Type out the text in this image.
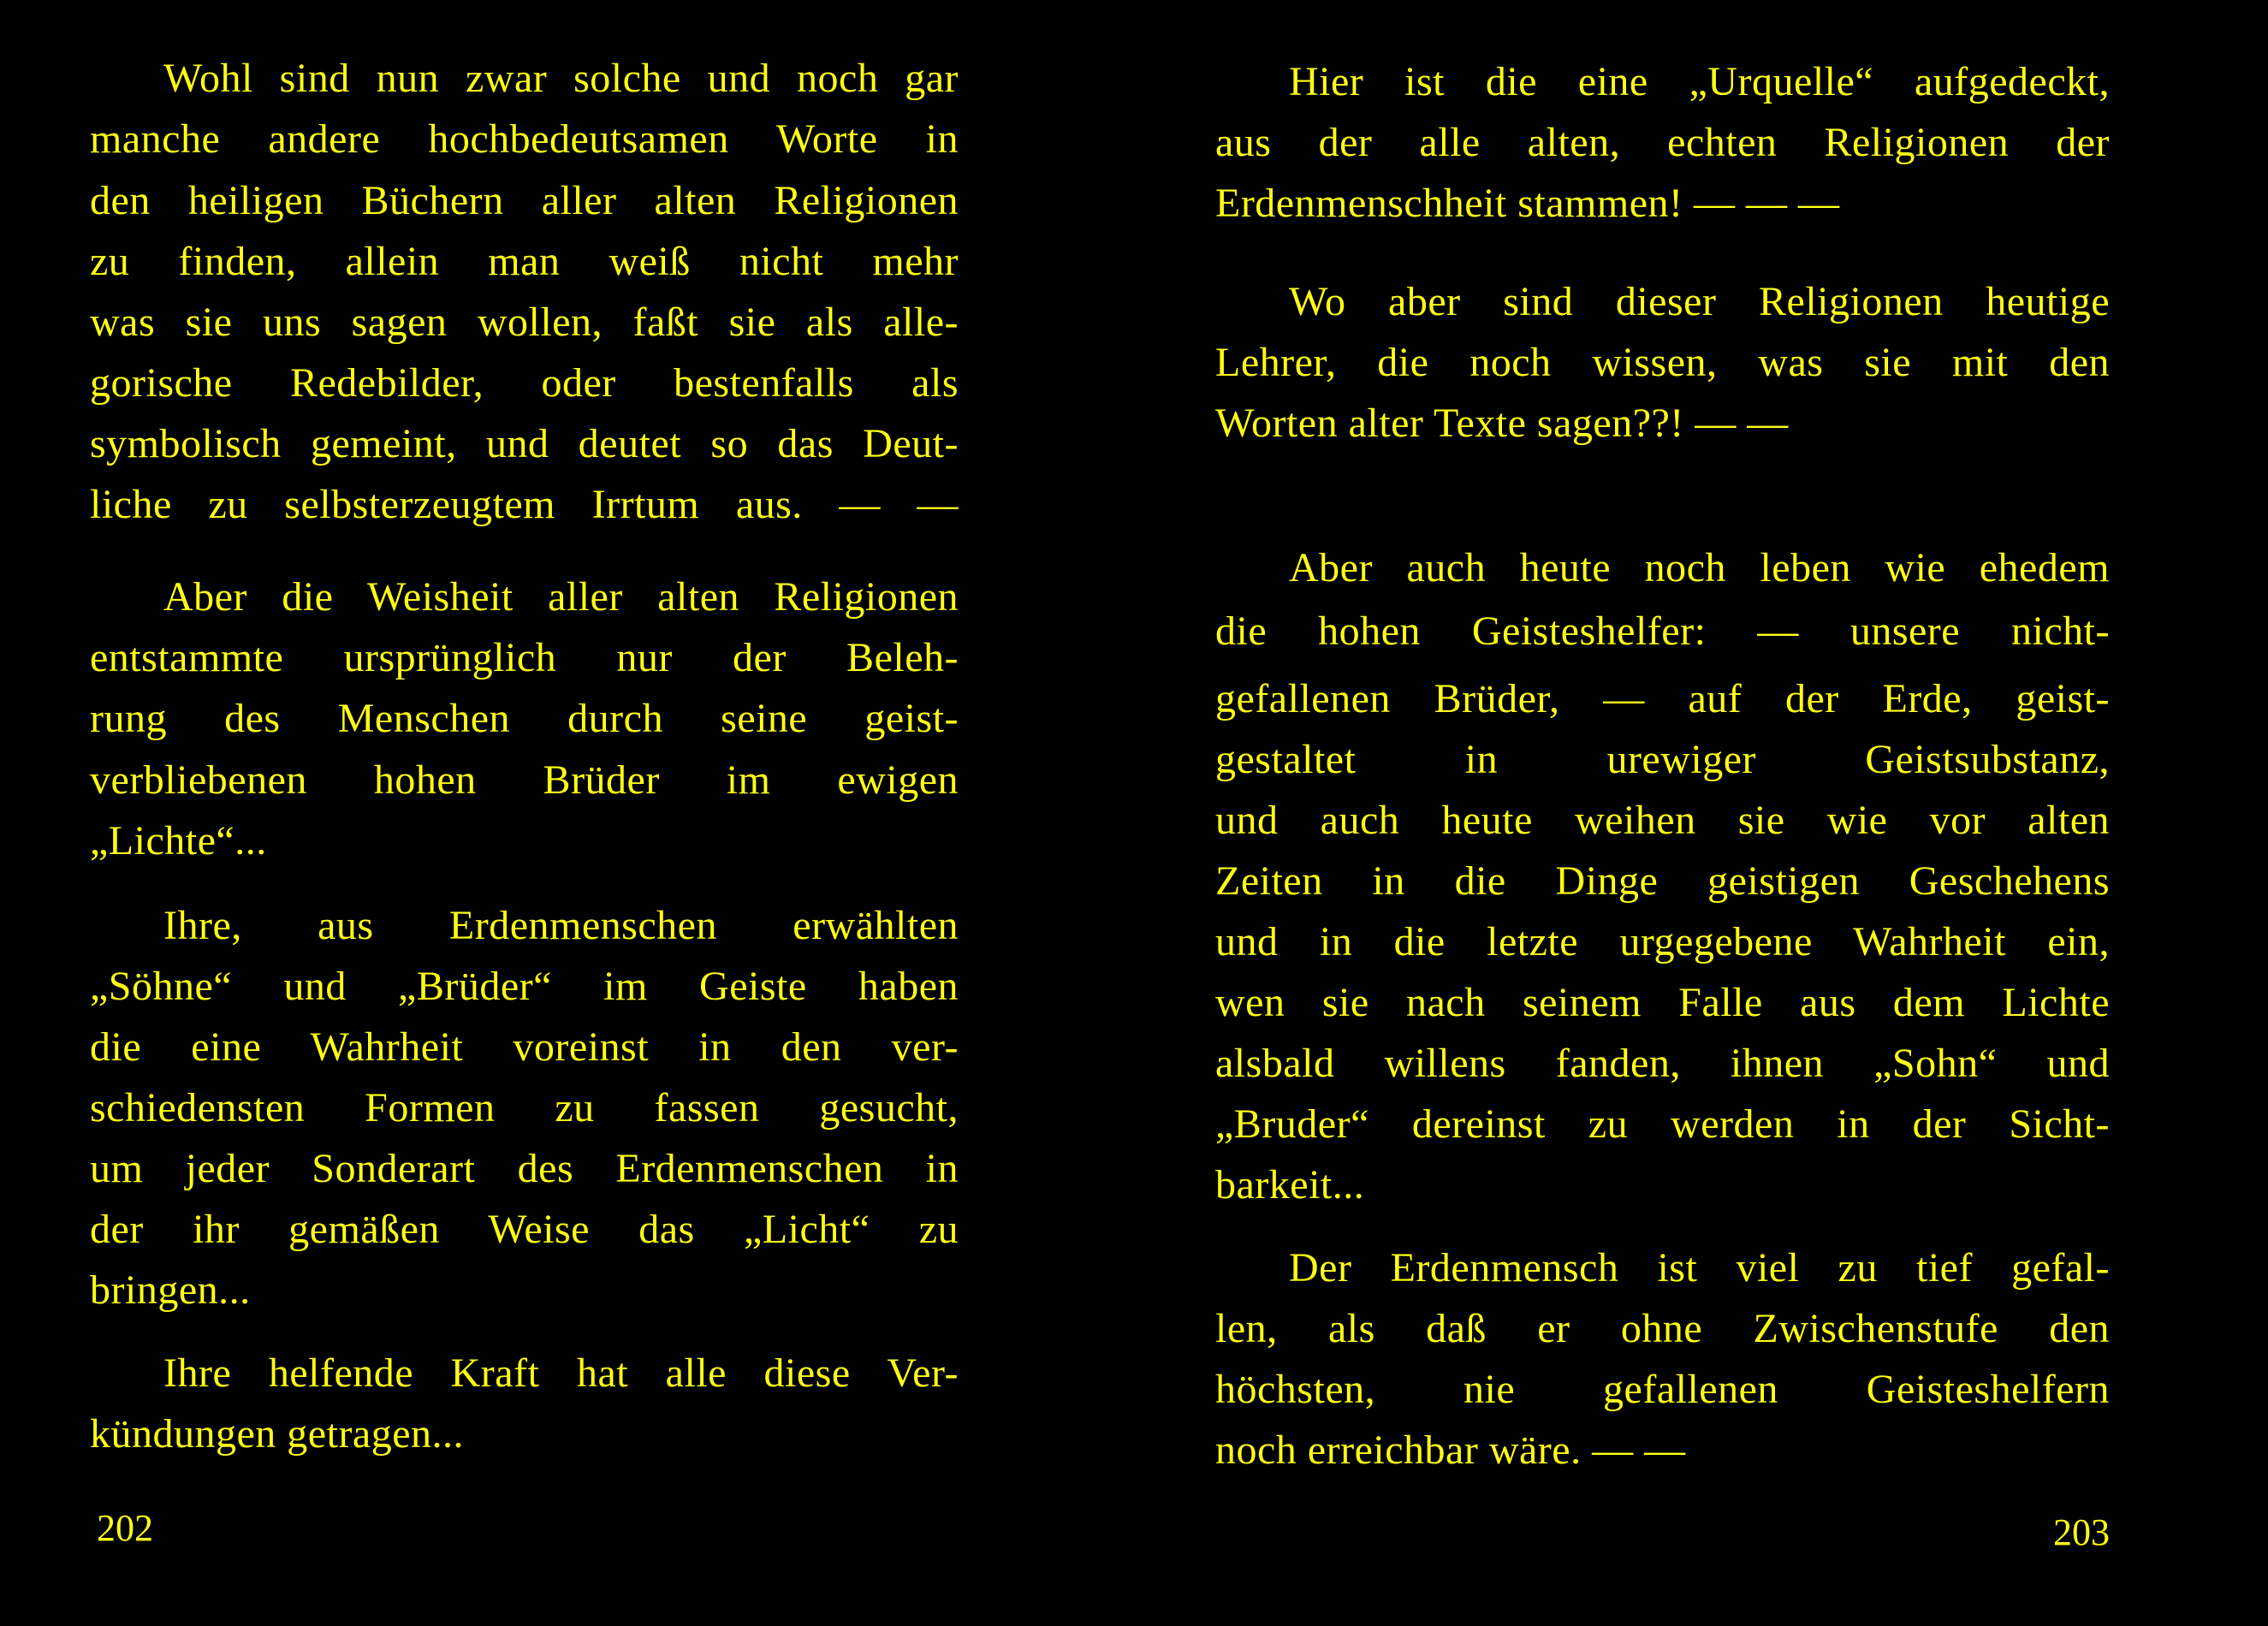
Wohl sind nun zwar solche und noch gar
manche andere hochbedeutsamen Worte in
den heiligen Büchern aller alten Religionen
zu finden, allein man weiß nicht mehr
was sie uns sagen wollen, faßt sie als alle-
gorische Redebilder, oder bestenfalls als
symbolisch gemeint, und deutet so das Deut-
liche zu selbsterzeugtem Irrtum aus. — —
Aber die Weisheit aller alten Religionen
entstammte ursprünglich nur der Beleh-
rung des Menschen durch seine geist-
verbliebenen hohen Brüder im ewigen
„Lichte“...
Ihre, aus Erdenmenschen erwählten
„Söhne“ und „Brüder“ im Geiste haben
die eine Wahrheit voreinst in den ver-
schiedensten Formen zu fassen gesucht,
um jeder Sonderart des Erdenmenschen in
der ihr gemäßen Weise das „Licht“ zu
bringen...
Ihre helfende Kraft hat alle diese Ver-
kündungen getragen...
202
Hier ist die eine „Urquelle“ aufgedeckt,
aus der alle alten, echten Religionen der
Erdenmenschheit stammen! — — —
Wo aber sind dieser Religionen heutige
Lehrer, die noch wissen, was sie mit den
Worten alter Texte sagen??! — —
Aber auch heute noch leben wie ehedem
die hohen Geisteshelfer: — unsere nicht-
gefallenen Brüder, — auf der Erde, geist-
gestaltet in urewiger Geistsubstanz,
und auch heute weihen sie wie vor alten
Zeiten in die Dinge geistigen Geschehens
und in die letzte urgegebene Wahrheit ein,
wen sie nach seinem Falle aus dem Lichte
alsbald willens fanden, ihnen „Sohn“ und
„Bruder“ dereinst zu werden in der Sicht-
barkeit...
Der Erdenmensch ist viel zu tief gefal-
len, als daß er ohne Zwischenstufe den
höchsten, nie gefallenen Geisteshelfern
noch erreichbar wäre. — —
203
